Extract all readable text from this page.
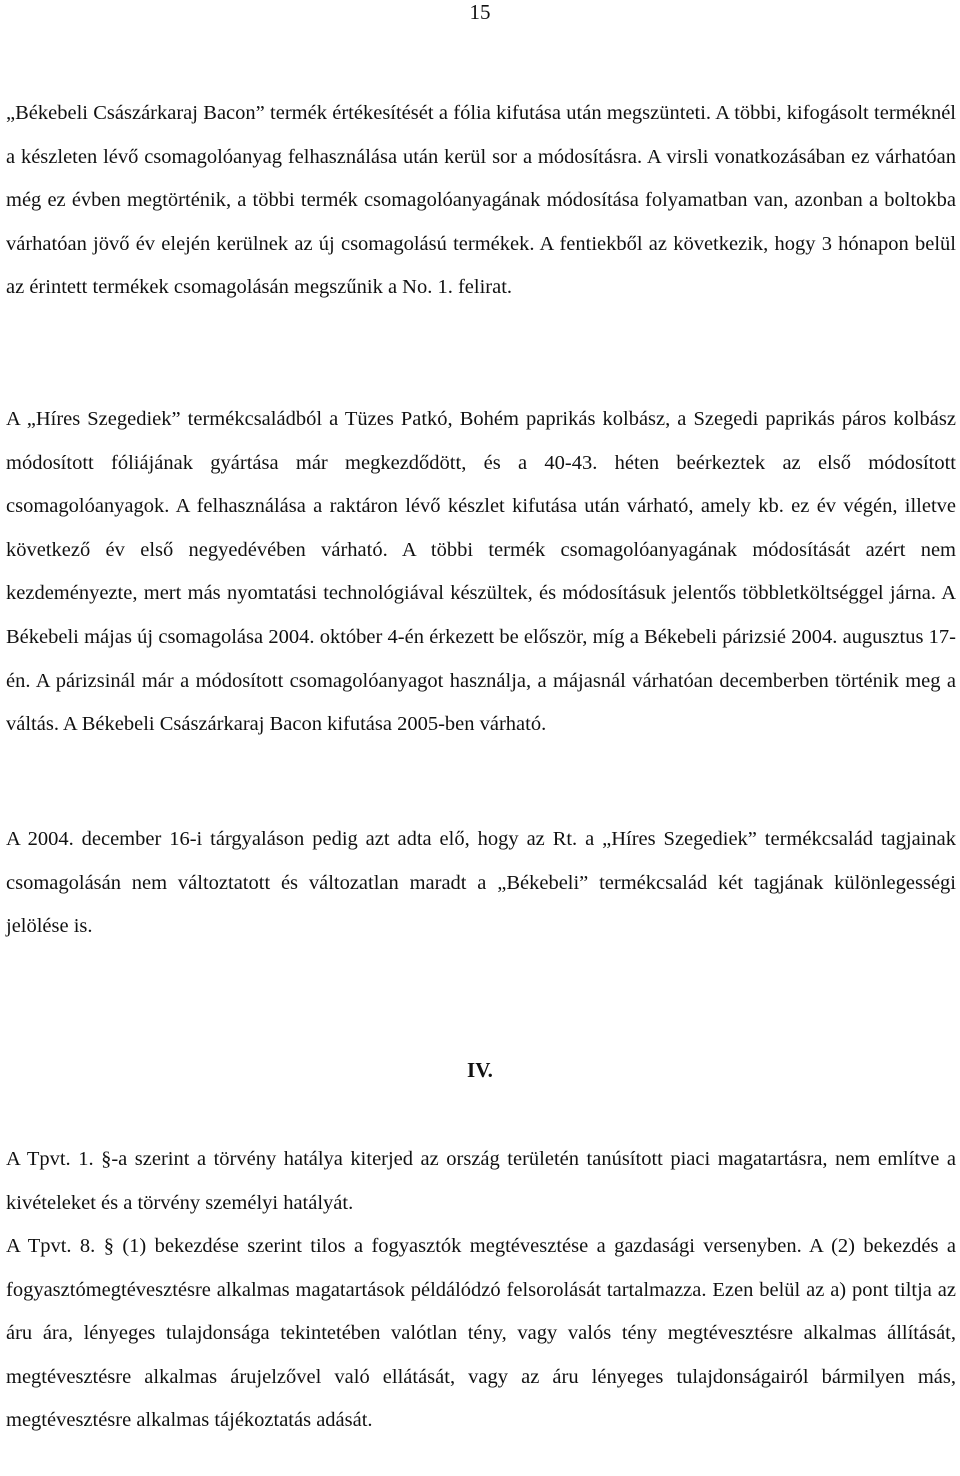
15

„Békebeli Császárkaraj Bacon” termék értékesítését a fólia kifutása után megszünteti. A többi, kifogásolt terméknél a készleten lévő csomagolóanyag felhasználása után kerül sor a módosításra. A virsli vonatkozásában ez várhatóan még ez évben megtörténik, a többi termék csomagolóanyagának módosítása folyamatban van, azonban a boltokba várhatóan jövő év elején kerülnek az új csomagolású termékek. A fentiekből az következik, hogy 3 hónapon belül az érintett termékek csomagolásán megszűnik a No. 1. felirat.

A „Híres Szegediek” termékcsaládból a Tüzes Patkó, Bohém paprikás kolbász, a Szegedi paprikás páros kolbász módosított fóliájának gyártása már megkezdődött, és a 40-43. héten beérkeztek az első módosított csomagolóanyagok. A felhasználása a raktáron lévő készlet kifutása után várható, amely kb. ez év végén, illetve következő év első negyedévében várható. A többi termék csomagolóanyagának módosítását azért nem kezdeményezte, mert más nyomtatási technológiával készültek, és módosításuk jelentős többletköltséggel járna. A Békebeli májas új csomagolása 2004. október 4-én érkezett be először, míg a Békebeli párizsié 2004. augusztus 17-én. A párizsinál már a módosított csomagolóanyagot használja, a májasnál várhatóan decemberben történik meg a váltás. A Békebeli Császárkaraj Bacon kifutása 2005-ben várható.

A 2004. december 16-i tárgyaláson pedig azt adta elő, hogy az Rt. a „Híres Szegediek” termékcsalád tagjainak csomagolásán nem változtatott és változatlan maradt a „Békebeli” termékcsalád két tagjának különlegességi jelölése is.

IV.

A Tpvt. 1. §-a szerint a törvény hatálya kiterjed az ország területén tanúsított piaci magatartásra, nem említve a kivételeket és a törvény személyi hatályát.

A Tpvt. 8. § (1) bekezdése szerint tilos a fogyasztók megtévesztése a gazdasági versenyben. A (2) bekezdés a fogyasztómegtévesztésre alkalmas magatartások példálódzó felsorolását tartalmazza. Ezen belül az a) pont tiltja az áru ára, lényeges tulajdonsága tekintetében valótlan tény, vagy valós tény megtévesztésre alkalmas állítását, megtévesztésre alkalmas árujelzővel való ellátását, vagy az áru lényeges tulajdonságairól bármilyen más, megtévesztésre alkalmas tájékoztatás adását.
